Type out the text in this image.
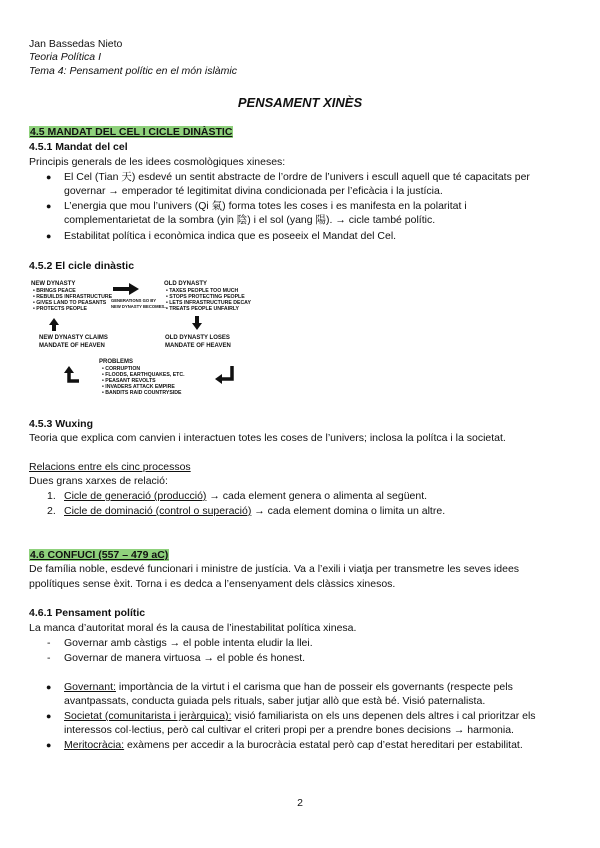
Jan Bassedas Nieto
Teoria Política I
Tema 4: Pensament polític en el món islàmic
PENSAMENT XINÈS
4.5 MANDAT DEL CEL I CICLE DINÀSTIC
4.5.1 Mandat del cel
Principis generals de les idees cosmològiques xineses:
● El Cel (Tian 天) esdevé un sentit abstracte de l’ordre de l’univers i escull aquell que té capacitats per
governar → emperador té legitimitat divina condicionada per l’eficàcia i la justícia.
● L’energia que mou l’univers (Qi 氣) forma totes les coses i es manifesta en la polaritat i
complementarietat de la sombra (yin 陰) i el sol (yang 陽). → cicle també polític.
● Estabilitat política i econòmica indica que es poseeix el Mandat del Cel.
4.5.2 El cicle dinàstic
NEW DYNASTY
• BRINGS PEACE
• REBUILDS INFRASTRUCTURE
• GIVES LAND TO PEASANTS
• PROTECTS PEOPLE
GENERATIONS GO BY
NEW DYNASTY BECOMES...
OLD DYNASTY
• TAXES PEOPLE TOO MUCH
• STOPS PROTECTING PEOPLE
• LETS INFRASTRUCTURE DECAY
• TREATS PEOPLE UNFAIRLY
NEW DYNASTY CLAIMS
MANDATE OF HEAVEN
OLD DYNASTY LOSES
MANDATE OF HEAVEN
PROBLEMS
• CORRUPTION
• FLOODS, EARTHQUAKES, ETC.
• PEASANT REVOLTS
• INVADERS ATTACK EMPIRE
• BANDITS RAID COUNTRYSIDE
4.5.3 Wuxing
Teoria que explica com canvien i interactuen totes les coses de l’univers; inclosa la polítca i la societat.
Relacions entre els cinc processos
Dues grans xarxes de relació:
1. Cicle de generació (producció) → cada element genera o alimenta al següent.
2. Cicle de dominació (control o superació) → cada element domina o limita un altre.
4.6 CONFUCI (557 – 479 aC)
De família noble, esdevé funcionari i ministre de justícia. Va a l’exili i viatja per transmetre les seves idees
ppolítiques sense èxit. Torna i es dedca a l’ensenyament dels clàssics xinesos.
4.6.1 Pensament polític
La manca d’autoritat moral és la causa de l’inestabilitat política xinesa.
- Governar amb càstigs → el poble intenta eludir la llei.
- Governar de manera virtuosa → el poble és honest.
● Governant: importància de la virtut i el carisma que han de posseir els governants (respecte pels
avantpassats, conducta guiada pels rituals, saber jutjar allò que està bé. Visió paternalista.
● Societat (comunitarista i jeràrquica): visió familiarista on els uns depenen dels altres i cal prioritzar els
interessos col·lectius, però cal cultivar el criteri propi per a prendre bones decisions → harmonia.
● Meritocràcia: exàmens per accedir a la burocràcia estatal però cap d’estat hereditari per estabilitat.
2
